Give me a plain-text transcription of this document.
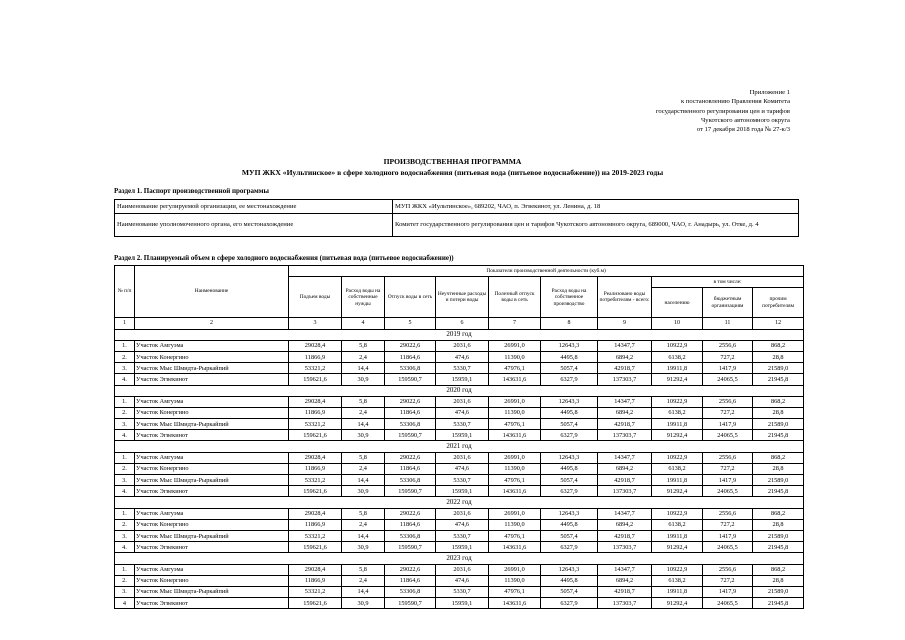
Приложение 1
к постановлению Правления Комитета
государственного регулирования цен и тарифов
Чукотского автономного округа
от 17 декабря 2018 года № 27-к/3
ПРОИЗВОДСТВЕННАЯ ПРОГРАММА
МУП ЖКХ «Иультинское» в сфере холодного водоснабжения (питьевая вода (питьевое водоснабжение)) на 2019-2023 годы
Раздел 1. Паспорт производственной программы
Наименование регулируемой организации, ее местонахождение	МУП ЖКХ «Иультинское», 689202, ЧАО, п. Эгвекинот, ул. Ленина, д. 18
Наименование уполномоченного органа, его местонахождение	Комитет государственного регулирования цен и тарифов Чукотского автономного округа, 689000, ЧАО, г. Анадырь, ул. Отке, д. 4
Раздел 2. Планируемый объем в сфере холодного водоснабжения (питьевая вода (питьевое водоснабжение))
№ п/п	Наименование	Показатели производственной деятельности (куб.м)									
		Подъем воды	Расход воды на собственные нужды	Отпуск воды в сеть	Неучтенные расходы и потери воды	Полезный отпуск воды в сеть	Расход воды на собственное производство	Реализовано воды потребителям - всего:	в том числе:		
									населению	бюджетным организациям	прочим потребителям
1	2	3	4	5	6	7	8	9	10	11	12
2019 год											
1.	Участок Амгуэма	29028,4	5,8	29022,6	2031,6	26991,0	12643,3	14347,7	10922,9	2556,6	868,2
2.	Участок Конергино	11866,9	2,4	11864,6	474,6	11390,0	4495,8	6894,2	6138,2	727,2	28,8
3.	Участок Мыс Шмидта-Рыркайпий	53321,2	14,4	53306,8	5330,7	47976,1	5057,4	42918,7	19911,8	1417,9	21589,0
4.	Участок Эгвекинот	159621,6	30,9	159590,7	15959,1	143631,6	6327,9	137303,7	91292,4	24065,5	21945,8
2020 год											
1.	Участок Амгуэма	29028,4	5,8	29022,6	2031,6	26991,0	12643,3	14347,7	10922,9	2556,6	868,2
2.	Участок Конергино	11866,9	2,4	11864,6	474,6	11390,0	4495,8	6894,2	6138,2	727,2	28,8
3.	Участок Мыс Шмидта-Рыркайпий	53321,2	14,4	53306,8	5330,7	47976,1	5057,4	42918,7	19911,8	1417,9	21589,0
4.	Участок Эгвекинот	159621,6	30,9	159590,7	15959,1	143631,6	6327,9	137303,7	91292,4	24065,5	21945,8
2021 год											
1.	Участок Амгуэма	29028,4	5,8	29022,6	2031,6	26991,0	12643,3	14347,7	10922,9	2556,6	868,2
2.	Участок Конергино	11866,9	2,4	11864,6	474,6	11390,0	4495,8	6894,2	6138,2	727,2	28,8
3.	Участок Мыс Шмидта-Рыркайпий	53321,2	14,4	53306,8	5330,7	47976,1	5057,4	42918,7	19911,8	1417,9	21589,0
4.	Участок Эгвекинот	159621,6	30,9	159590,7	15959,1	143631,6	6327,9	137303,7	91292,4	24065,5	21945,8
2022 год											
1.	Участок Амгуэма	29028,4	5,8	29022,6	2031,6	26991,0	12643,3	14347,7	10922,9	2556,6	868,2
2.	Участок Конергино	11866,9	2,4	11864,6	474,6	11390,0	4495,8	6894,2	6138,2	727,2	28,8
3.	Участок Мыс Шмидта-Рыркайпий	53321,2	14,4	53306,8	5330,7	47976,1	5057,4	42918,7	19911,8	1417,9	21589,0
4.	Участок Эгвекинот	159621,6	30,9	159590,7	15959,1	143631,6	6327,9	137303,7	91292,4	24065,5	21945,8
2023 год											
1.	Участок Амгуэма	29028,4	5,8	29022,6	2031,6	26991,0	12643,3	14347,7	10922,9	2556,6	868,2
2.	Участок Конергино	11866,9	2,4	11864,6	474,6	11390,0	4495,8	6894,2	6138,2	727,2	28,8
3.	Участок Мыс Шмидта-Рыркайпий	53321,2	14,4	53306,8	5330,7	47976,1	5057,4	42918,7	19911,8	1417,9	21589,0
4	Участок Эгвекинот	159621,6	30,9	159590,7	15959,1	143631,6	6327,9	137303,7	91292,4	24065,5	21945,8
